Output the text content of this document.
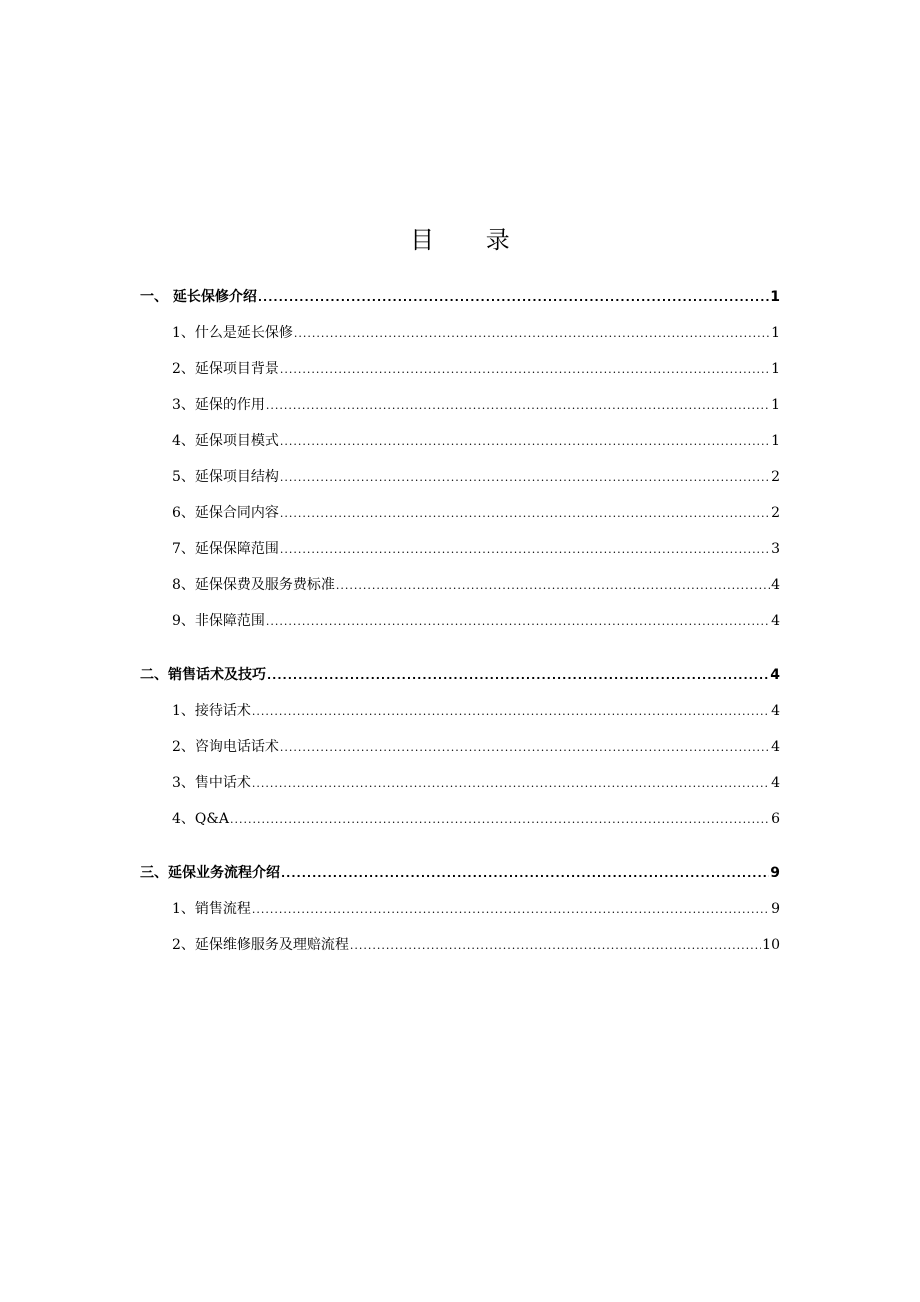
目 录
一、 延长保修介绍 .....	1
1、什么是延长保修 .....	1
2、延保项目背景 .....	1
3、延保的作用 .....	1
4、延保项目模式 .....	1
5、延保项目结构 .....	2
6、延保合同内容 .....	2
7、延保保障范围 .....	3
8、延保保费及服务费标准 .....	4
9、非保障范围 .....	4
二、销售话术及技巧 .....	4
1、接待话术 .....	4
2、咨询电话话术 .....	4
3、售中话术 .....	4
4、Q&A .....	6
三、延保业务流程介绍 .....	9
1、销售流程 .....	9
2、延保维修服务及理赔流程 .....	10
